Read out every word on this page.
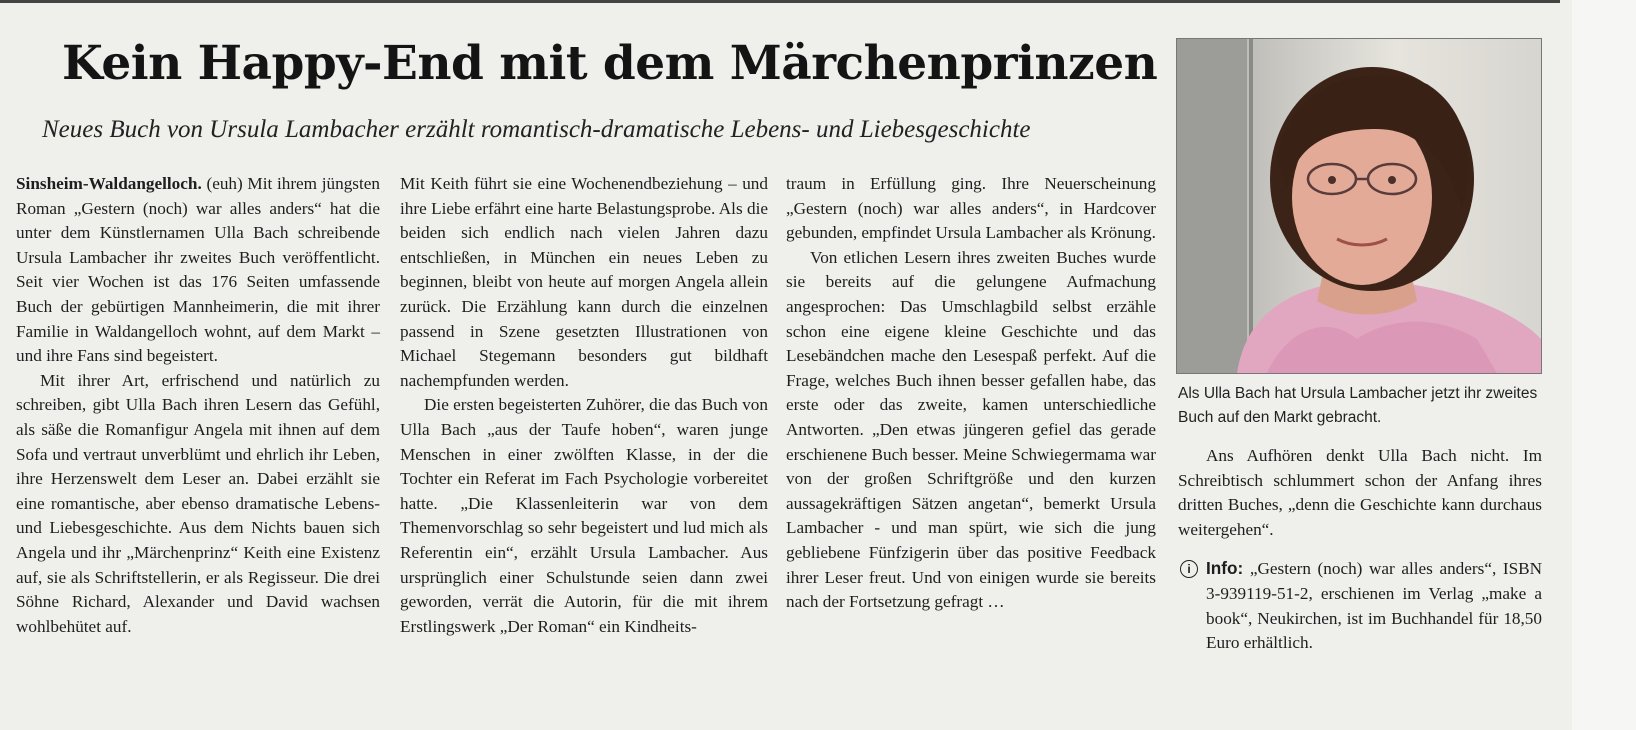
Kein Happy-End mit dem Märchenprinzen

Neues Buch von Ursula Lambacher erzählt romantisch-dramatische Lebens- und Liebesgeschichte

Sinsheim-Waldangelloch. (euh) Mit ihrem jüngsten Roman „Gestern (noch) war alles anders“ hat die unter dem Künstlernamen Ulla Bach schreibende Ursula Lambacher ihr zweites Buch veröffentlicht. Seit vier Wochen ist das 176 Seiten umfassende Buch der gebürtigen Mannheimerin, die mit ihrer Familie in Waldangelloch wohnt, auf dem Markt – und ihre Fans sind begeistert.

Mit ihrer Art, erfrischend und natürlich zu schreiben, gibt Ulla Bach ihren Lesern das Gefühl, als säße die Romanfigur Angela mit ihnen auf dem Sofa und vertraut unverblümt und ehrlich ihr Leben, ihre Herzenswelt dem Leser an. Dabei erzählt sie eine romantische, aber ebenso dramatische Lebens- und Liebesgeschichte. Aus dem Nichts bauen sich Angela und ihr „Märchenprinz“ Keith eine Existenz auf, sie als Schriftstellerin, er als Regisseur. Die drei Söhne Richard, Alexander und David wachsen wohlbehütet auf.

Mit Keith führt sie eine Wochenendbeziehung – und ihre Liebe erfährt eine harte Belastungsprobe. Als die beiden sich endlich nach vielen Jahren dazu entschließen, in München ein neues Leben zu beginnen, bleibt von heute auf morgen Angela allein zurück. Die Erzählung kann durch die einzelnen passend in Szene gesetzten Illustrationen von Michael Stegemann besonders gut bildhaft nachempfunden werden.

Die ersten begeisterten Zuhörer, die das Buch von Ulla Bach „aus der Taufe hoben“, waren junge Menschen in einer zwölften Klasse, in der die Tochter ein Referat im Fach Psychologie vorbereitet hatte. „Die Klassenleiterin war von dem Themenvorschlag so sehr begeistert und lud mich als Referentin ein“, erzählt Ursula Lambacher. Aus ursprünglich einer Schulstunde seien dann zwei geworden, verrät die Autorin, für die mit ihrem Erstlingswerk „Der Roman“ ein Kindheits-

traum in Erfüllung ging. Ihre Neuerscheinung „Gestern (noch) war alles anders“, in Hardcover gebunden, empfindet Ursula Lambacher als Krönung.

Von etlichen Lesern ihres zweiten Buches wurde sie bereits auf die gelungene Aufmachung angesprochen: Das Umschlagbild selbst erzähle schon eine eigene kleine Geschichte und das Lesebändchen mache den Lesespaß perfekt. Auf die Frage, welches Buch ihnen besser gefallen habe, das erste oder das zweite, kamen unterschiedliche Antworten. „Den etwas jüngeren gefiel das gerade erschienene Buch besser. Meine Schwiegermama war von der großen Schriftgröße und den kurzen aussagekräftigen Sätzen angetan“, bemerkt Ursula Lambacher - und man spürt, wie sich die jung gebliebene Fünfzigerin über das positive Feedback ihrer Leser freut. Und von einigen wurde sie bereits nach der Fortsetzung gefragt …

Als Ulla Bach hat Ursula Lambacher jetzt ihr zweites Buch auf den Markt gebracht.

Ans Aufhören denkt Ulla Bach nicht. Im Schreibtisch schlummert schon der Anfang ihres dritten Buches, „denn die Geschichte kann durchaus weitergehen“.

i Info: „Gestern (noch) war alles anders“, ISBN 3-939119-51-2, erschienen im Verlag „make a book“, Neukirchen, ist im Buchhandel für 18,50 Euro erhältlich.
